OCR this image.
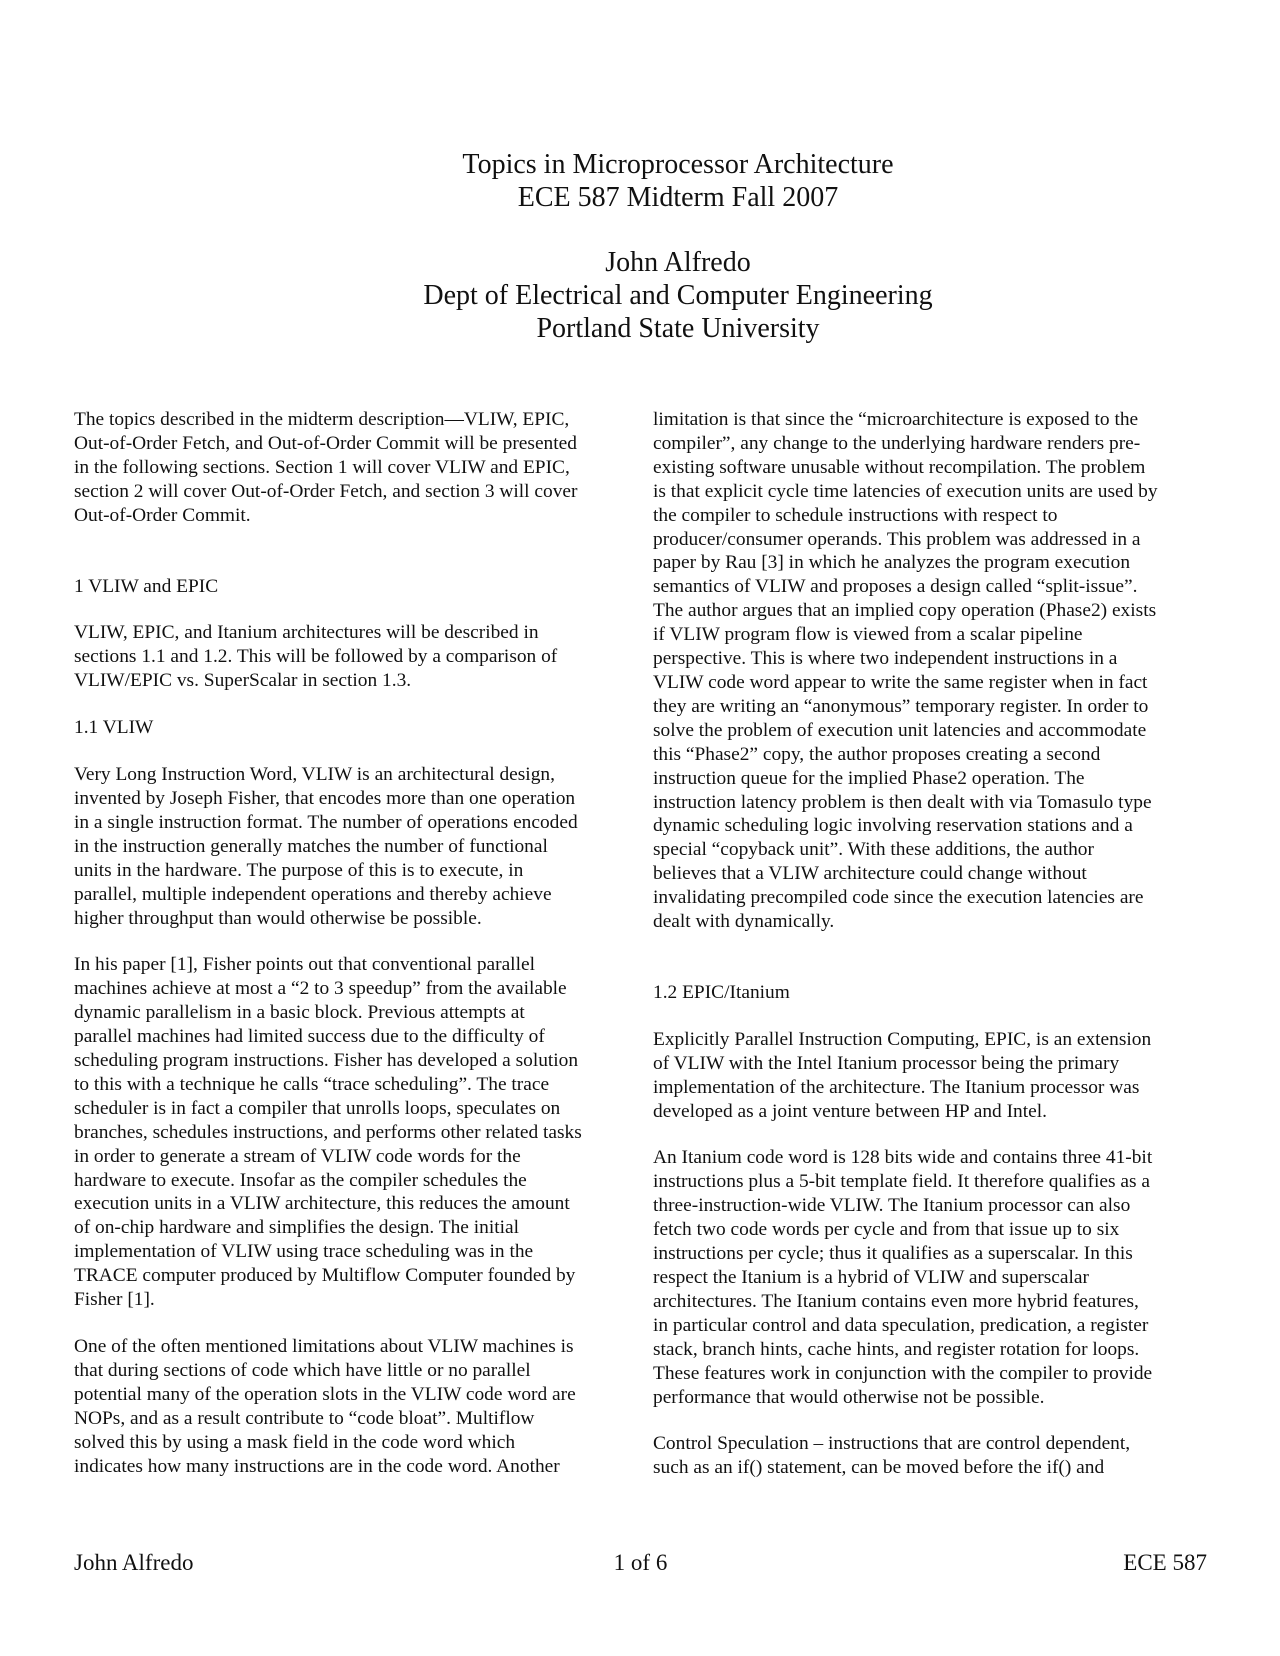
Topics in Microprocessor Architecture
ECE 587 Midterm Fall 2007
John Alfredo
Dept of Electrical and Computer Engineering
Portland State University

The topics described in the midterm description—VLIW, EPIC,
Out-of-Order Fetch, and Out-of-Order Commit will be presented
in the following sections. Section 1 will cover VLIW and EPIC,
section 2 will cover Out-of-Order Fetch, and section 3 will cover
Out-of-Order Commit.

1 VLIW and EPIC

VLIW, EPIC, and Itanium architectures will be described in
sections 1.1 and 1.2. This will be followed by a comparison of
VLIW/EPIC vs. SuperScalar in section 1.3.

1.1 VLIW

Very Long Instruction Word, VLIW is an architectural design,
invented by Joseph Fisher, that encodes more than one operation
in a single instruction format. The number of operations encoded
in the instruction generally matches the number of functional
units in the hardware. The purpose of this is to execute, in
parallel, multiple independent operations and thereby achieve
higher throughput than would otherwise be possible.

In his paper [1], Fisher points out that conventional parallel
machines achieve at most a “2 to 3 speedup” from the available
dynamic parallelism in a basic block. Previous attempts at
parallel machines had limited success due to the difficulty of
scheduling program instructions. Fisher has developed a solution
to this with a technique he calls “trace scheduling”. The trace
scheduler is in fact a compiler that unrolls loops, speculates on
branches, schedules instructions, and performs other related tasks
in order to generate a stream of VLIW code words for the
hardware to execute. Insofar as the compiler schedules the
execution units in a VLIW architecture, this reduces the amount
of on-chip hardware and simplifies the design. The initial
implementation of VLIW using trace scheduling was in the
TRACE computer produced by Multiflow Computer founded by
Fisher [1].

One of the often mentioned limitations about VLIW machines is
that during sections of code which have little or no parallel
potential many of the operation slots in the VLIW code word are
NOPs, and as a result contribute to “code bloat”. Multiflow
solved this by using a mask field in the code word which
indicates how many instructions are in the code word. Another

limitation is that since the “microarchitecture is exposed to the
compiler”, any change to the underlying hardware renders pre-
existing software unusable without recompilation. The problem
is that explicit cycle time latencies of execution units are used by
the compiler to schedule instructions with respect to
producer/consumer operands. This problem was addressed in a
paper by Rau [3] in which he analyzes the program execution
semantics of VLIW and proposes a design called “split-issue”.
The author argues that an implied copy operation (Phase2) exists
if VLIW program flow is viewed from a scalar pipeline
perspective. This is where two independent instructions in a
VLIW code word appear to write the same register when in fact
they are writing an “anonymous” temporary register. In order to
solve the problem of execution unit latencies and accommodate
this “Phase2” copy, the author proposes creating a second
instruction queue for the implied Phase2 operation. The
instruction latency problem is then dealt with via Tomasulo type
dynamic scheduling logic involving reservation stations and a
special “copyback unit”. With these additions, the author
believes that a VLIW architecture could change without
invalidating precompiled code since the execution latencies are
dealt with dynamically.

1.2 EPIC/Itanium

Explicitly Parallel Instruction Computing, EPIC, is an extension
of VLIW with the Intel Itanium processor being the primary
implementation of the architecture. The Itanium processor was
developed as a joint venture between HP and Intel.

An Itanium code word is 128 bits wide and contains three 41-bit
instructions plus a 5-bit template field. It therefore qualifies as a
three-instruction-wide VLIW. The Itanium processor can also
fetch two code words per cycle and from that issue up to six
instructions per cycle; thus it qualifies as a superscalar. In this
respect the Itanium is a hybrid of VLIW and superscalar
architectures. The Itanium contains even more hybrid features,
in particular control and data speculation, predication, a register
stack, branch hints, cache hints, and register rotation for loops.
These features work in conjunction with the compiler to provide
performance that would otherwise not be possible.

Control Speculation – instructions that are control dependent,
such as an if() statement, can be moved before the if() and

John Alfredo	1 of 6	ECE 587
